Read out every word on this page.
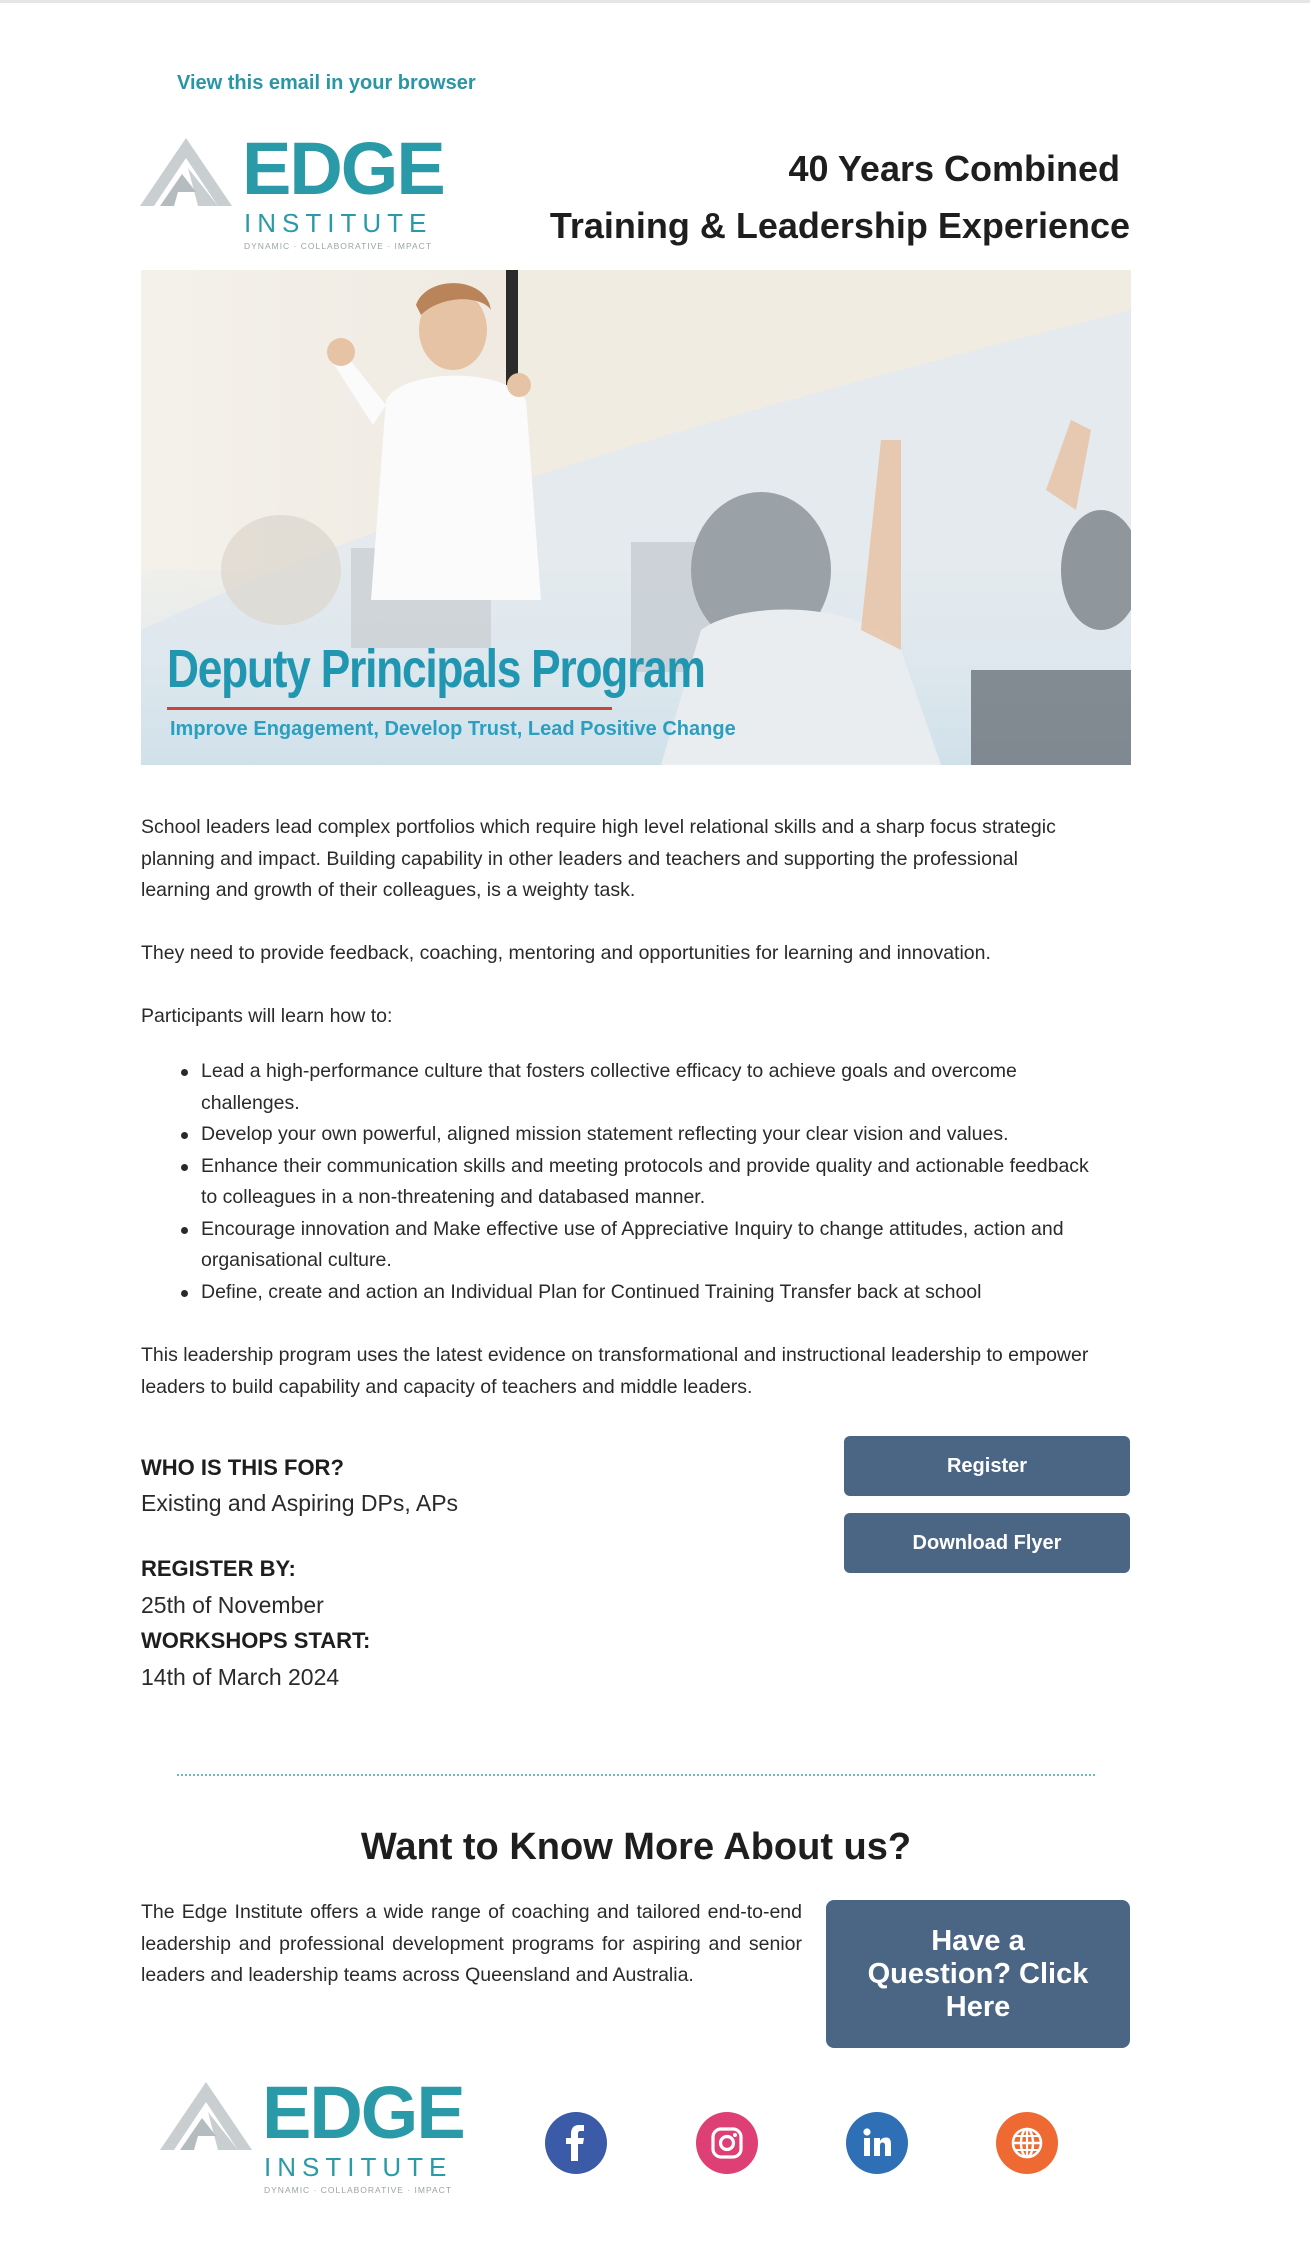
View this email in your browser
EDGE
INSTITUTE
DYNAMIC · COLLABORATIVE · IMPACT
40 Years Combined
Training & Leadership Experience
Deputy Principals Program
Improve Engagement, Develop Trust, Lead Positive Change

School leaders lead complex portfolios which require high level relational skills and a sharp focus strategic planning and impact. Building capability in other leaders and teachers and supporting the professional learning and growth of their colleagues, is a weighty task.

They need to provide feedback, coaching, mentoring and opportunities for learning and innovation.

Participants will learn how to:

Lead a high-performance culture that fosters collective efficacy to achieve goals and overcome challenges.
Develop your own powerful, aligned mission statement reflecting your clear vision and values.
Enhance their communication skills and meeting protocols and provide quality and actionable feedback to colleagues in a non-threatening and databased manner.
Encourage innovation and Make effective use of Appreciative Inquiry to change attitudes, action and organisational culture.
Define, create and action an Individual Plan for Continued Training Transfer back at school

This leadership program uses the latest evidence on transformational and instructional leadership to empower leaders to build capability and capacity of teachers and middle leaders.

WHO IS THIS FOR?
Existing and Aspiring DPs, APs
REGISTER BY:
25th of November
WORKSHOPS START:
14th of March 2024
Register
Download Flyer
Want to Know More About us?

The Edge Institute offers a wide range of coaching and tailored end-to-end leadership and professional development programs for aspiring and senior leaders and leadership teams across Queensland and Australia.

Have a Question? Click Here
EDGE
INSTITUTE
DYNAMIC · COLLABORATIVE · IMPACT
